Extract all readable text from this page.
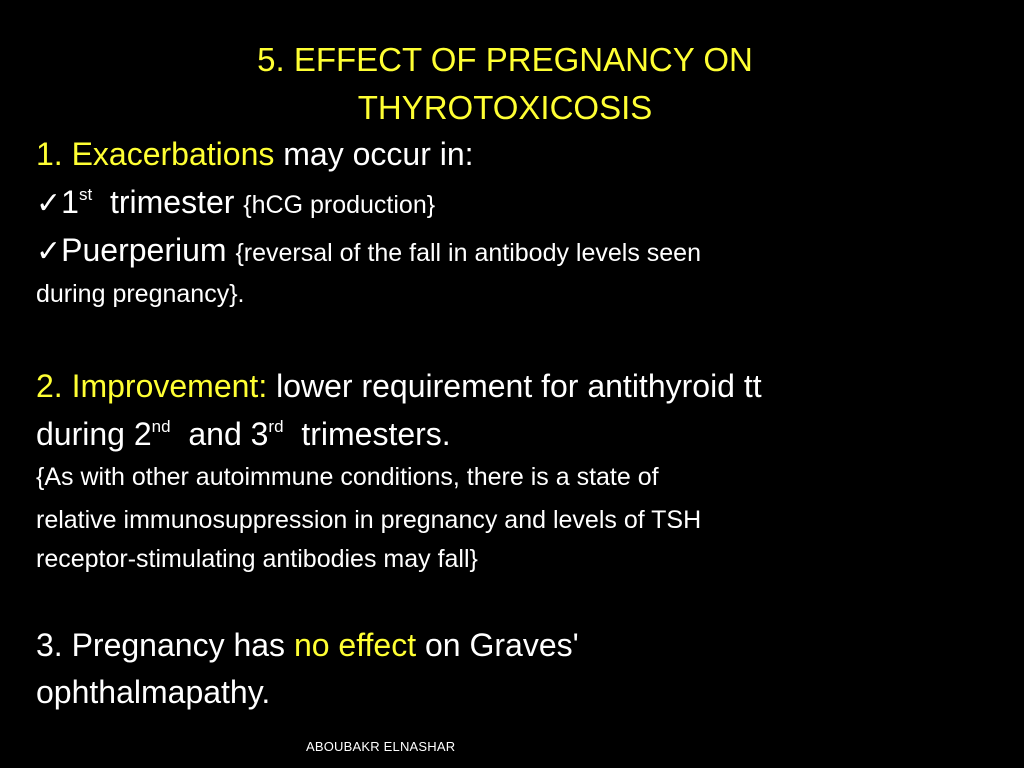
5. EFFECT OF PREGNANCY ON
THYROTOXICOSIS
1. Exacerbations may occur in:
✓1st  trimester {hCG production}
✓Puerperium {reversal of the fall in antibody levels seen
during pregnancy}.
2. Improvement: lower requirement for antithyroid tt
during 2nd  and 3rd  trimesters.
{As with other autoimmune conditions, there is a state of
relative immunosuppression in pregnancy and levels of TSH
receptor-stimulating antibodies may fall}
3. Pregnancy has no effect on Graves'
ophthalmapathy.
ABOUBAKR ELNASHAR
